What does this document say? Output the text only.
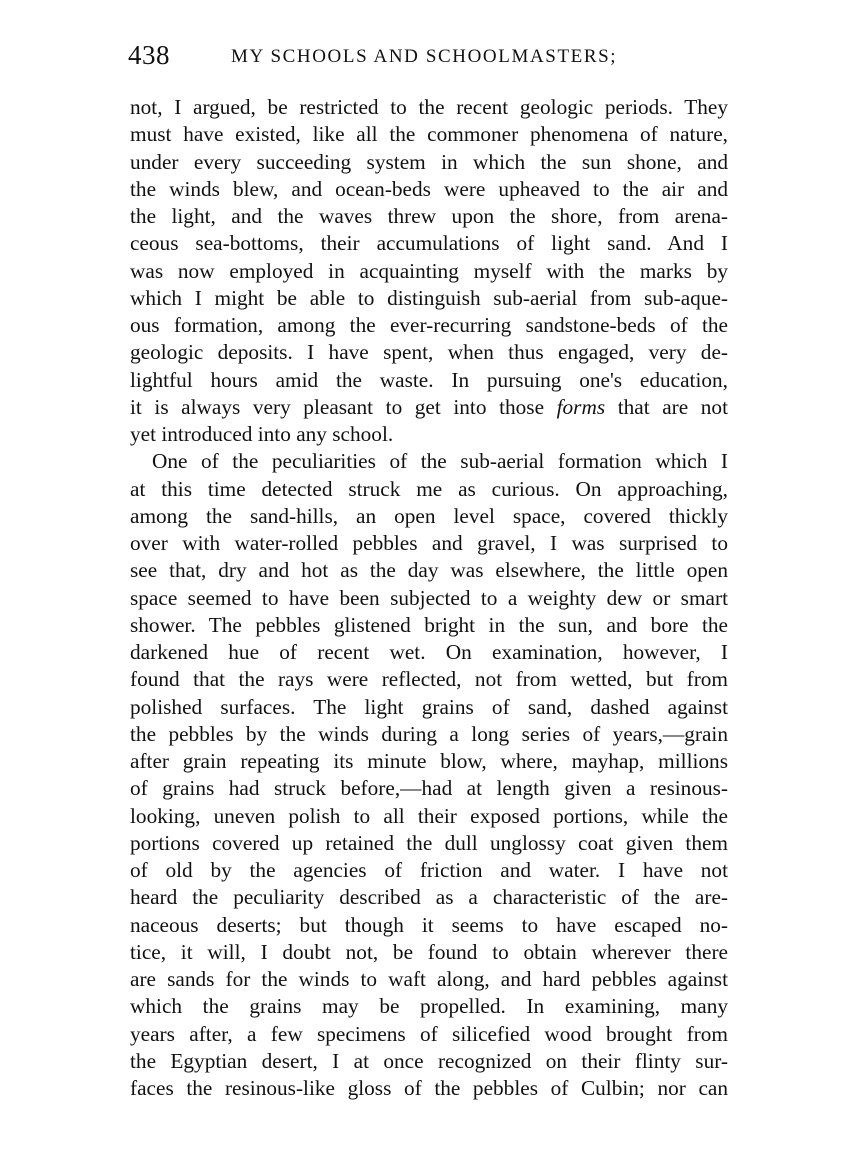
438	MY SCHOOLS AND SCHOOLMASTERS;
not, I argued, be restricted to the recent geologic periods. They
must have existed, like all the commoner phenomena of nature,
under every succeeding system in which the sun shone, and
the winds blew, and ocean-beds were upheaved to the air and
the light, and the waves threw upon the shore, from arena-
ceous sea-bottoms, their accumulations of light sand. And I
was now employed in acquainting myself with the marks by
which I might be able to distinguish sub-aerial from sub-aque-
ous formation, among the ever-recurring sandstone-beds of the
geologic deposits. I have spent, when thus engaged, very de-
lightful hours amid the waste. In pursuing one's education,
it is always very pleasant to get into those forms that are not
yet introduced into any school.
One of the peculiarities of the sub-aerial formation which I
at this time detected struck me as curious. On approaching,
among the sand-hills, an open level space, covered thickly
over with water-rolled pebbles and gravel, I was surprised to
see that, dry and hot as the day was elsewhere, the little open
space seemed to have been subjected to a weighty dew or smart
shower. The pebbles glistened bright in the sun, and bore the
darkened hue of recent wet. On examination, however, I
found that the rays were reflected, not from wetted, but from
polished surfaces. The light grains of sand, dashed against
the pebbles by the winds during a long series of years,—grain
after grain repeating its minute blow, where, mayhap, millions
of grains had struck before,—had at length given a resinous-
looking, uneven polish to all their exposed portions, while the
portions covered up retained the dull unglossy coat given them
of old by the agencies of friction and water. I have not
heard the peculiarity described as a characteristic of the are-
naceous deserts; but though it seems to have escaped no-
tice, it will, I doubt not, be found to obtain wherever there
are sands for the winds to waft along, and hard pebbles against
which the grains may be propelled. In examining, many
years after, a few specimens of silicefied wood brought from
the Egyptian desert, I at once recognized on their flinty sur-
faces the resinous-like gloss of the pebbles of Culbin; nor can
